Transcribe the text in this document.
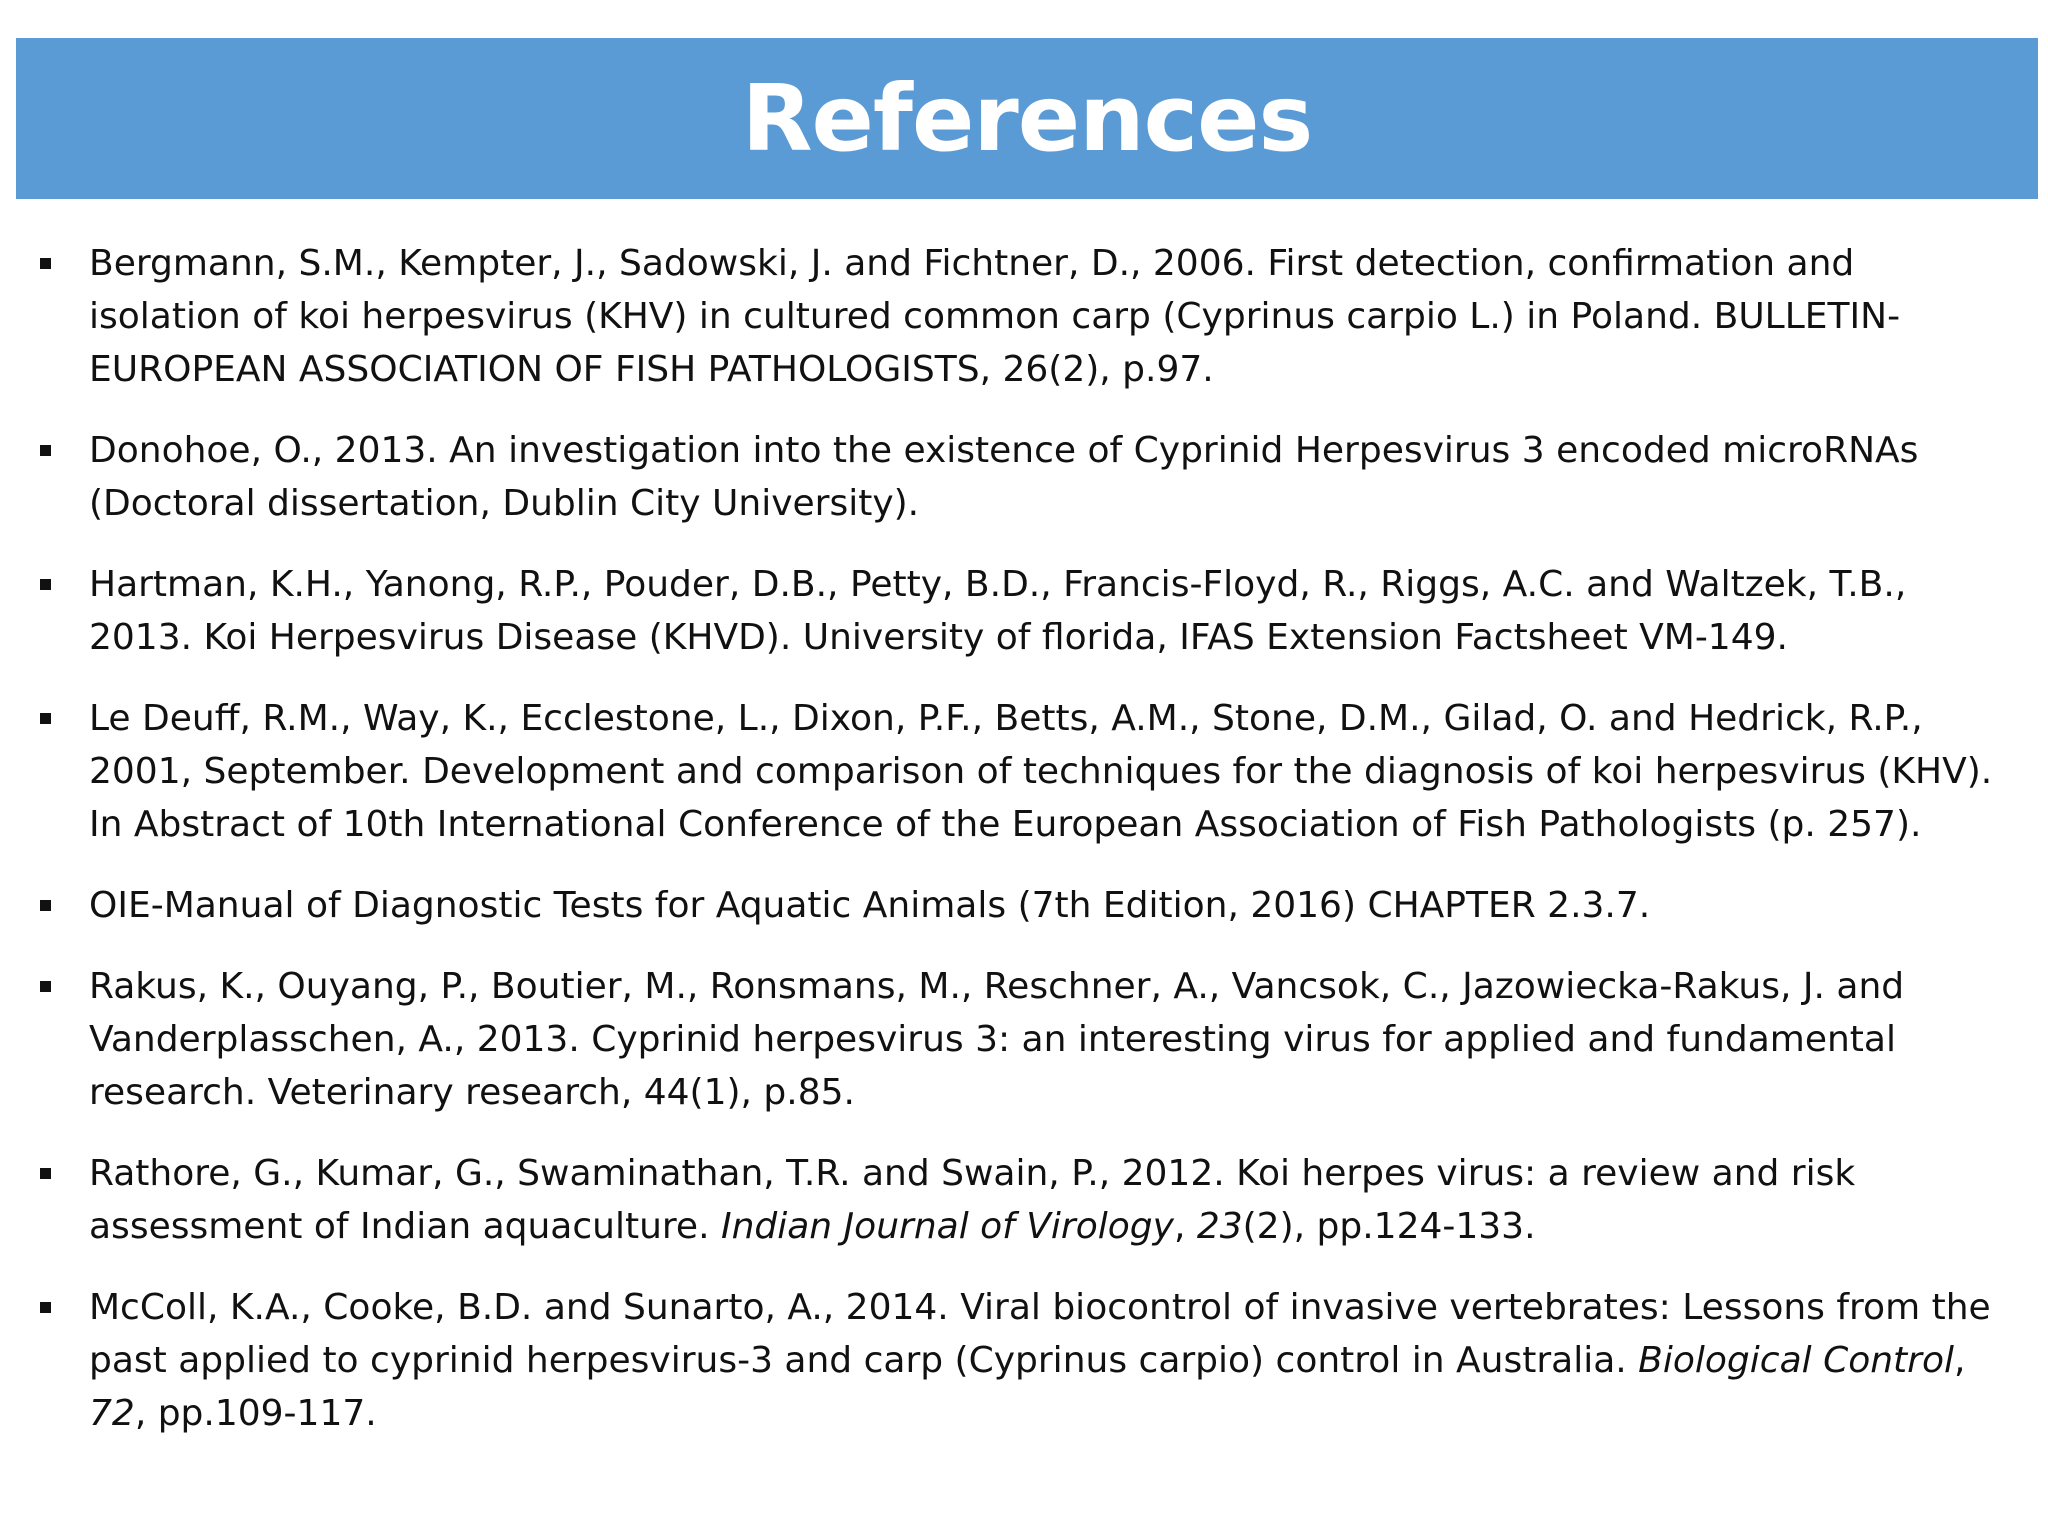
References
Bergmann, S.M., Kempter, J., Sadowski, J. and Fichtner, D., 2006. First detection, confirmation and isolation of koi herpesvirus (KHV) in cultured common carp (Cyprinus carpio L.) in Poland. BULLETIN-EUROPEAN ASSOCIATION OF FISH PATHOLOGISTS, 26(2), p.97.
Donohoe, O., 2013. An investigation into the existence of Cyprinid Herpesvirus 3 encoded microRNAs (Doctoral dissertation, Dublin City University).
Hartman, K.H., Yanong, R.P., Pouder, D.B., Petty, B.D., Francis-Floyd, R., Riggs, A.C. and Waltzek, T.B., 2013. Koi Herpesvirus Disease (KHVD). University of florida, IFAS Extension Factsheet VM-149.
Le Deuff, R.M., Way, K., Ecclestone, L., Dixon, P.F., Betts, A.M., Stone, D.M., Gilad, O. and Hedrick, R.P., 2001, September. Development and comparison of techniques for the diagnosis of koi herpesvirus (KHV). In Abstract of 10th International Conference of the European Association of Fish Pathologists (p. 257).
OIE-Manual of Diagnostic Tests for Aquatic Animals (7th Edition, 2016) CHAPTER 2.3.7.
Rakus, K., Ouyang, P., Boutier, M., Ronsmans, M., Reschner, A., Vancsok, C., Jazowiecka-Rakus, J. and Vanderplasschen, A., 2013. Cyprinid herpesvirus 3: an interesting virus for applied and fundamental research. Veterinary research, 44(1), p.85.
Rathore, G., Kumar, G., Swaminathan, T.R. and Swain, P., 2012. Koi herpes virus: a review and risk assessment of Indian aquaculture. Indian Journal of Virology, 23(2), pp.124-133.
McColl, K.A., Cooke, B.D. and Sunarto, A., 2014. Viral biocontrol of invasive vertebrates: Lessons from the past applied to cyprinid herpesvirus-3 and carp (Cyprinus carpio) control in Australia. Biological Control, 72, pp.109-117.
